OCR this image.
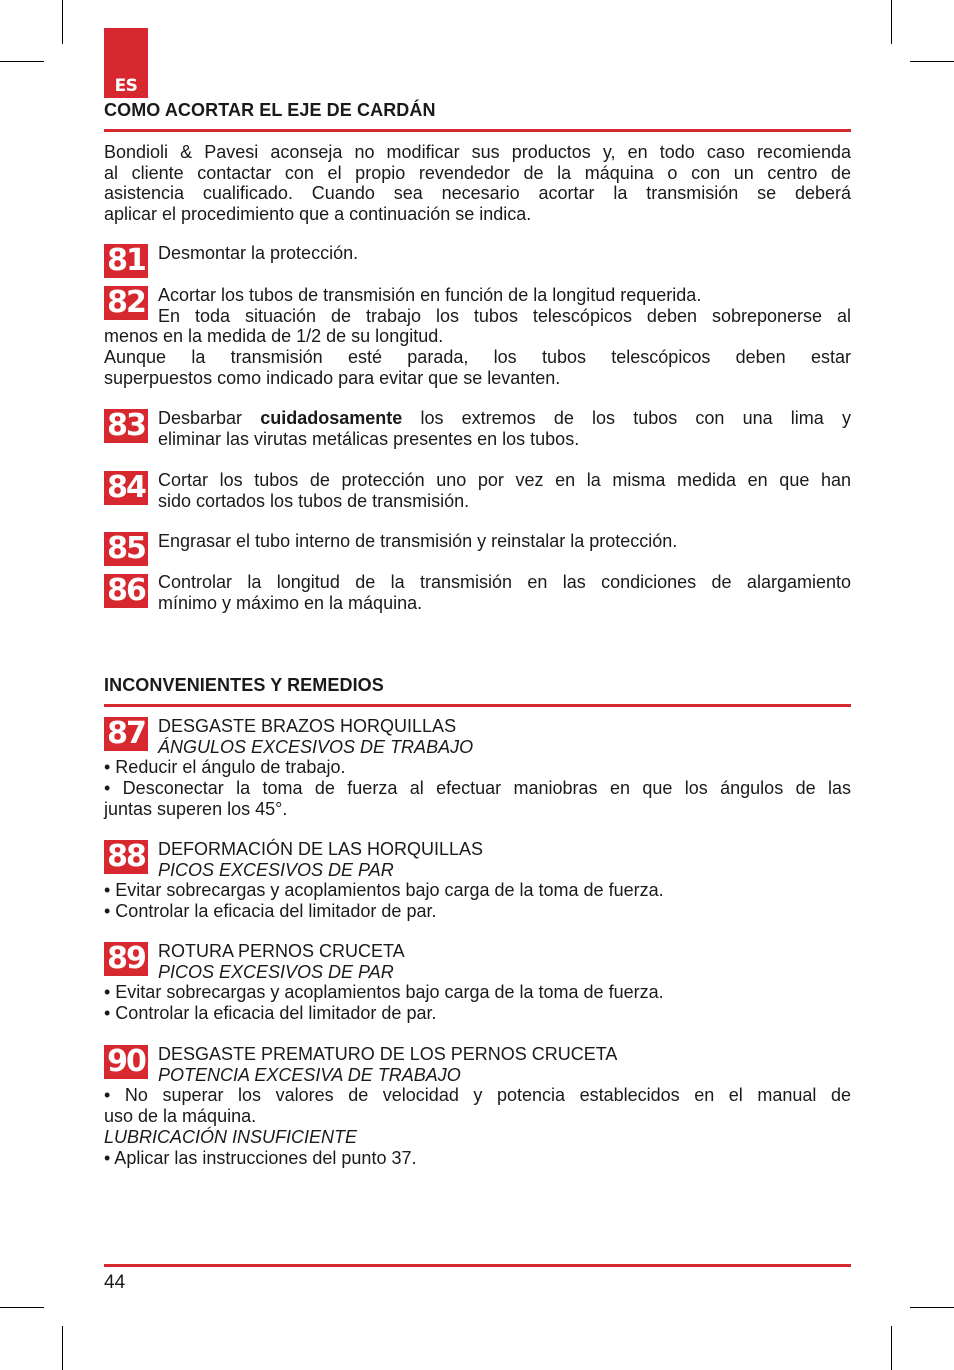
ES
COMO ACORTAR EL EJE DE CARDÁN
Bondioli & Pavesi aconseja no modificar sus productos y, en todo caso recomienda
al cliente contactar con el propio revendedor de la máquina o con un centro de
asistencia cualificado. Cuando sea necesario acortar la transmisión se deberá
aplicar el procedimiento que a continuación se indica.
81 Desmontar la protección.
82 Acortar los tubos de transmisión en función de la longitud requerida.
En toda situación de trabajo los tubos telescópicos deben sobreponerse al
menos en la medida de 1/2 de su longitud.
Aunque la transmisión esté parada, los tubos telescópicos deben estar
superpuestos como indicado para evitar que se levanten.
83 Desbarbar cuidadosamente los extremos de los tubos con una lima y
eliminar las virutas metálicas presentes en los tubos.
84 Cortar los tubos de protección uno por vez en la misma medida en que han
sido cortados los tubos de transmisión.
85 Engrasar el tubo interno de transmisión y reinstalar la protección.
86 Controlar la longitud de la transmisión en las condiciones de alargamiento
mínimo y máximo en la máquina.
INCONVENIENTES Y REMEDIOS
87 DESGASTE BRAZOS HORQUILLAS
ÁNGULOS EXCESIVOS DE TRABAJO
• Reducir el ángulo de trabajo.
• Desconectar la toma de fuerza al efectuar maniobras en que los ángulos de las
juntas superen los 45°.
88 DEFORMACIÓN DE LAS HORQUILLAS
PICOS EXCESIVOS DE PAR
• Evitar sobrecargas y acoplamientos bajo carga de la toma de fuerza.
• Controlar la eficacia del limitador de par.
89 ROTURA PERNOS CRUCETA
PICOS EXCESIVOS DE PAR
• Evitar sobrecargas y acoplamientos bajo carga de la toma de fuerza.
• Controlar la eficacia del limitador de par.
90 DESGASTE PREMATURO DE LOS PERNOS CRUCETA
POTENCIA EXCESIVA DE TRABAJO
• No superar los valores de velocidad y potencia establecidos en el manual de
uso de la máquina.
LUBRICACIÓN INSUFICIENTE
• Aplicar las instrucciones del punto 37.
44
